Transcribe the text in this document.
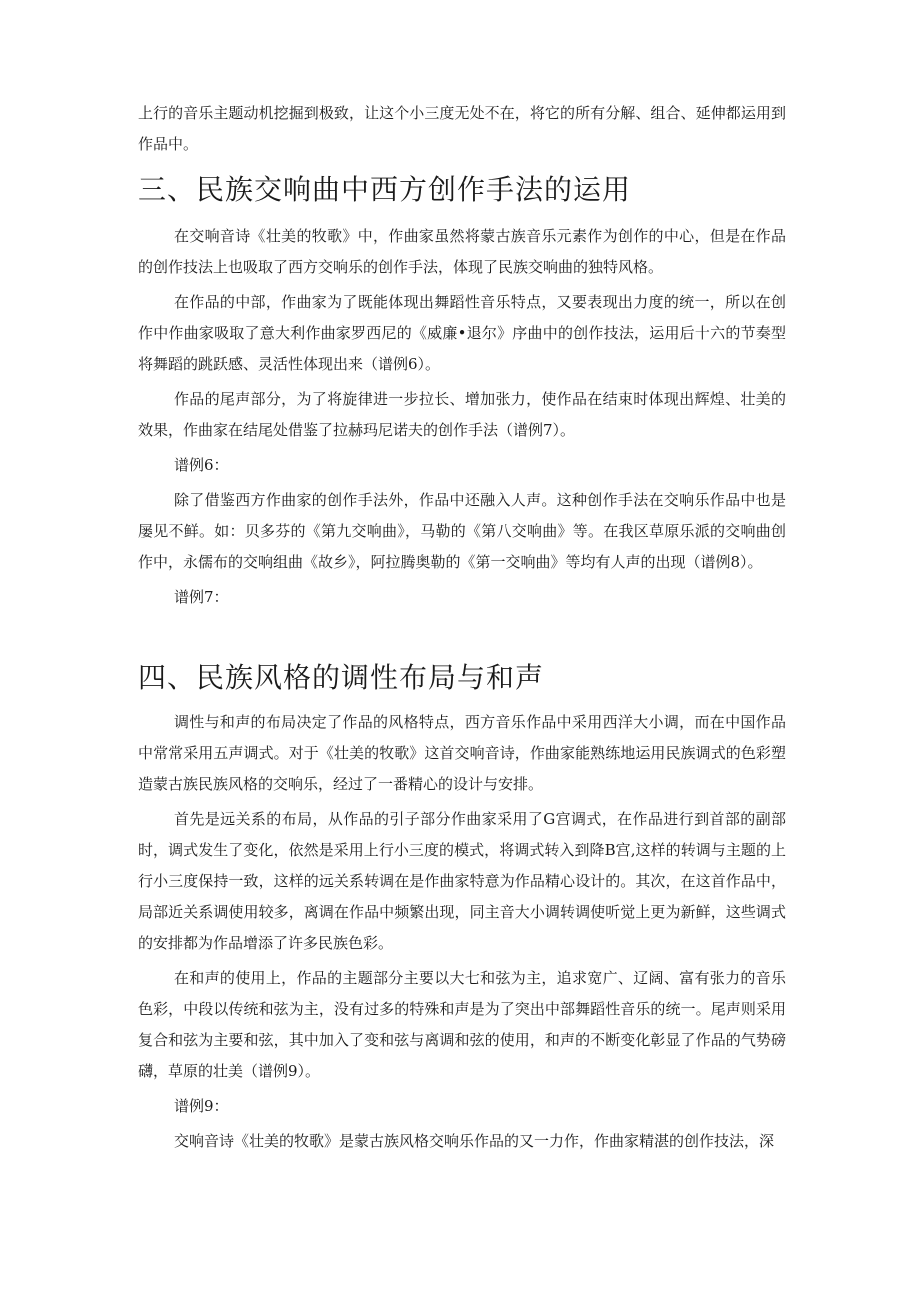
上行的音乐主题动机挖掘到极致，让这个小三度无处不在，将它的所有分解、组合、延伸都运用到作品中。

三、民族交响曲中西方创作手法的运用

在交响音诗《壮美的牧歌》中，作曲家虽然将蒙古族音乐元素作为创作的中心，但是在作品的创作技法上也吸取了西方交响乐的创作手法，体现了民族交响曲的独特风格。

在作品的中部，作曲家为了既能体现出舞蹈性音乐特点，又要表现出力度的统一，所以在创作中作曲家吸取了意大利作曲家罗西尼的《威廉•退尔》序曲中的创作技法，运用后十六的节奏型将舞蹈的跳跃感、灵活性体现出来（谱例6）。

作品的尾声部分，为了将旋律进一步拉长、增加张力，使作品在结束时体现出辉煌、壮美的效果，作曲家在结尾处借鉴了拉赫玛尼诺夫的创作手法（谱例7）。

谱例6：

除了借鉴西方作曲家的创作手法外，作品中还融入人声。这种创作手法在交响乐作品中也是屡见不鲜。如：贝多芬的《第九交响曲》，马勒的《第八交响曲》等。在我区草原乐派的交响曲创作中，永儒布的交响组曲《故乡》，阿拉腾奥勒的《第一交响曲》等均有人声的出现（谱例8）。

谱例7：

四、民族风格的调性布局与和声

调性与和声的布局决定了作品的风格特点，西方音乐作品中采用西洋大小调，而在中国作品中常常采用五声调式。对于《壮美的牧歌》这首交响音诗，作曲家能熟练地运用民族调式的色彩塑造蒙古族民族风格的交响乐，经过了一番精心的设计与安排。

首先是远关系的布局，从作品的引子部分作曲家采用了G宫调式，在作品进行到首部的副部时，调式发生了变化，依然是采用上行小三度的模式，将调式转入到降B宫,这样的转调与主题的上行小三度保持一致，这样的远关系转调在是作曲家特意为作品精心设计的。其次，在这首作品中，局部近关系调使用较多，离调在作品中频繁出现，同主音大小调转调使听觉上更为新鲜，这些调式的安排都为作品增添了许多民族色彩。

在和声的使用上，作品的主题部分主要以大七和弦为主，追求宽广、辽阔、富有张力的音乐色彩，中段以传统和弦为主，没有过多的特殊和声是为了突出中部舞蹈性音乐的统一。尾声则采用复合和弦为主要和弦，其中加入了变和弦与离调和弦的使用，和声的不断变化彰显了作品的气势磅礴，草原的壮美（谱例9）。

谱例9：

交响音诗《壮美的牧歌》是蒙古族风格交响乐作品的又一力作，作曲家精湛的创作技法，深
